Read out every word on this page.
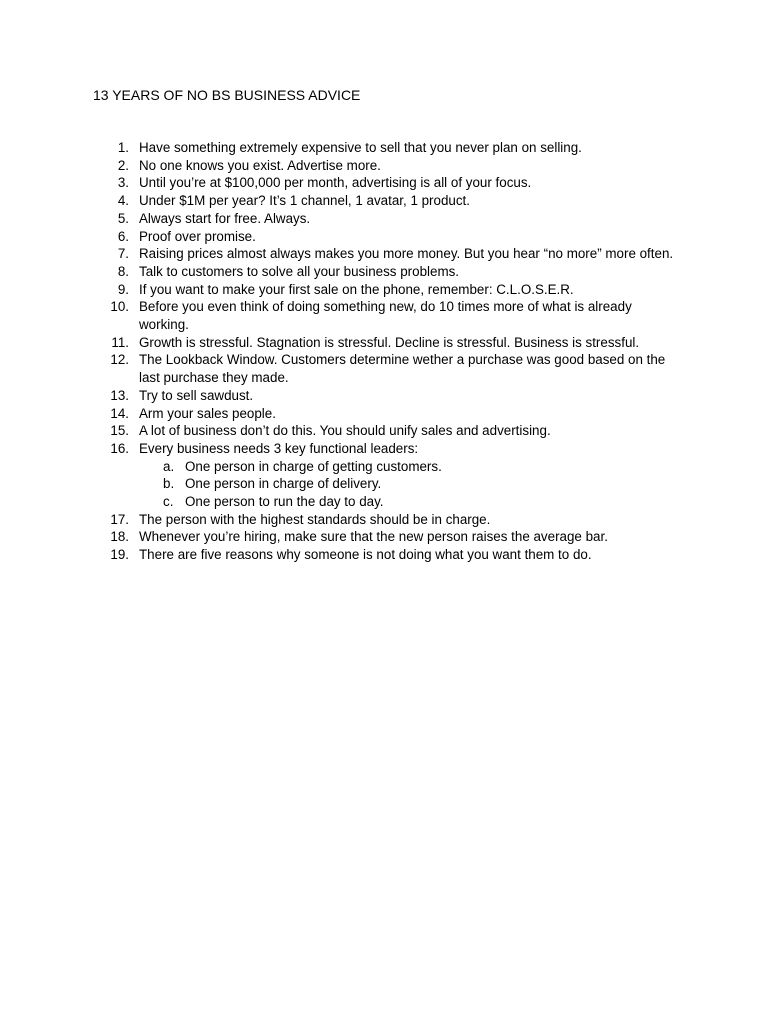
13 YEARS OF NO BS BUSINESS ADVICE
1. Have something extremely expensive to sell that you never plan on selling.
2. No one knows you exist. Advertise more.
3. Until you’re at $100,000 per month, advertising is all of your focus.
4. Under $1M per year? It’s 1 channel, 1 avatar, 1 product.
5. Always start for free. Always.
6. Proof over promise.
7. Raising prices almost always makes you more money. But you hear “no more” more often.
8. Talk to customers to solve all your business problems.
9. If you want to make your first sale on the phone, remember: C.L.O.S.E.R.
10. Before you even think of doing something new, do 10 times more of what is already working.
11. Growth is stressful. Stagnation is stressful. Decline is stressful. Business is stressful.
12. The Lookback Window. Customers determine wether a purchase was good based on the last purchase they made.
13. Try to sell sawdust.
14. Arm your sales people.
15. A lot of business don’t do this. You should unify sales and advertising.
16. Every business needs 3 key functional leaders:
a. One person in charge of getting customers.
b. One person in charge of delivery.
c. One person to run the day to day.
17. The person with the highest standards should be in charge.
18. Whenever you’re hiring, make sure that the new person raises the average bar.
19. There are five reasons why someone is not doing what you want them to do.
